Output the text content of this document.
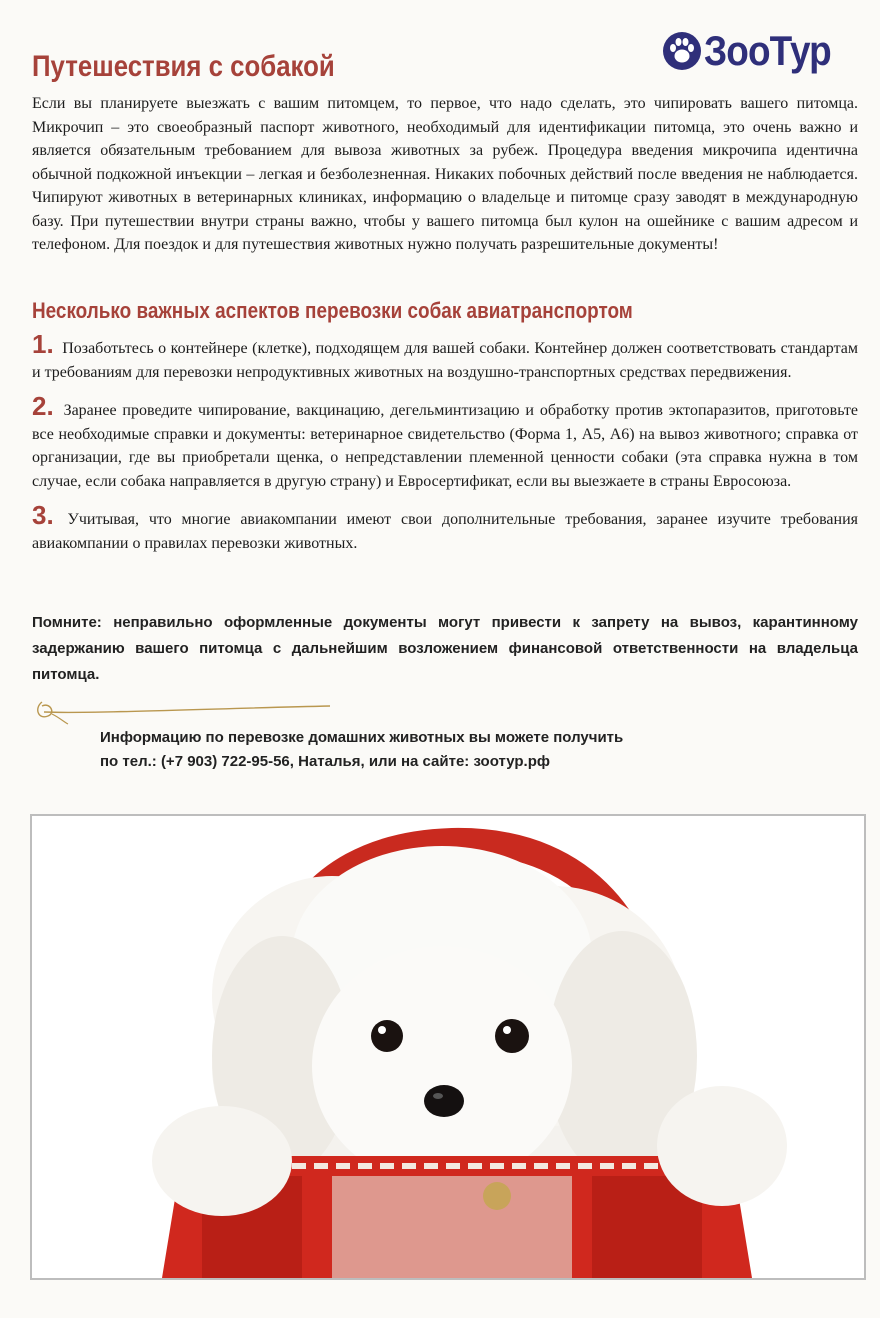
ЗооТур
Путешествия с собакой

Если вы планируете выезжать с вашим питомцем, то первое, что надо сделать, это чипировать вашего питомца. Микрочип – это своеобразный паспорт животного, необходимый для идентификации питомца, это очень важно и является обязательным требованием для вывоза животных за рубеж. Процедура введения микрочипа идентична обычной подкожной инъекции – легкая и безболезненная. Никаких побочных действий после введения не наблюдается. Чипируют животных в ветеринарных клиниках, информацию о владельце и питомце сразу заводят в международную базу. При путешествии внутри страны важно, чтобы у вашего питомца был кулон на ошейнике с вашим адресом и телефоном. Для поездок и для путешествия животных нужно получать разрешительные документы!

Несколько важных аспектов перевозки собак авиатранспортом

1. Позаботьтесь о контейнере (клетке), подходящем для вашей собаки. Контейнер должен соответствовать стандартам и требованиям для перевозки непродуктивных животных на воздушно-транспортных средствах передвижения.

2. Заранее проведите чипирование, вакцинацию, дегельминтизацию и обработку против эктопаразитов, приготовьте все необходимые справки и документы: ветеринарное свидетельство (Форма 1, А5, А6) на вывоз животного; справка от организации, где вы приобретали щенка, о непредставлении племенной ценности собаки (эта справка нужна в том случае, если собака направляется в другую страну) и Евросертификат, если вы выезжаете в страны Евросоюза.

3. Учитывая, что многие авиакомпании имеют свои дополнительные требования, заранее изучите требования авиакомпании о правилах перевозки животных.

Помните: неправильно оформленные документы могут привести к запрету на вывоз, карантинному задержанию вашего питомца с дальнейшим возложением финансовой ответственности на владельца питомца.

Информацию по перевозке домашних животных вы можете получить
по тел.: (+7 903) 722-95-56, Наталья, или на сайте: зоотур.рф
